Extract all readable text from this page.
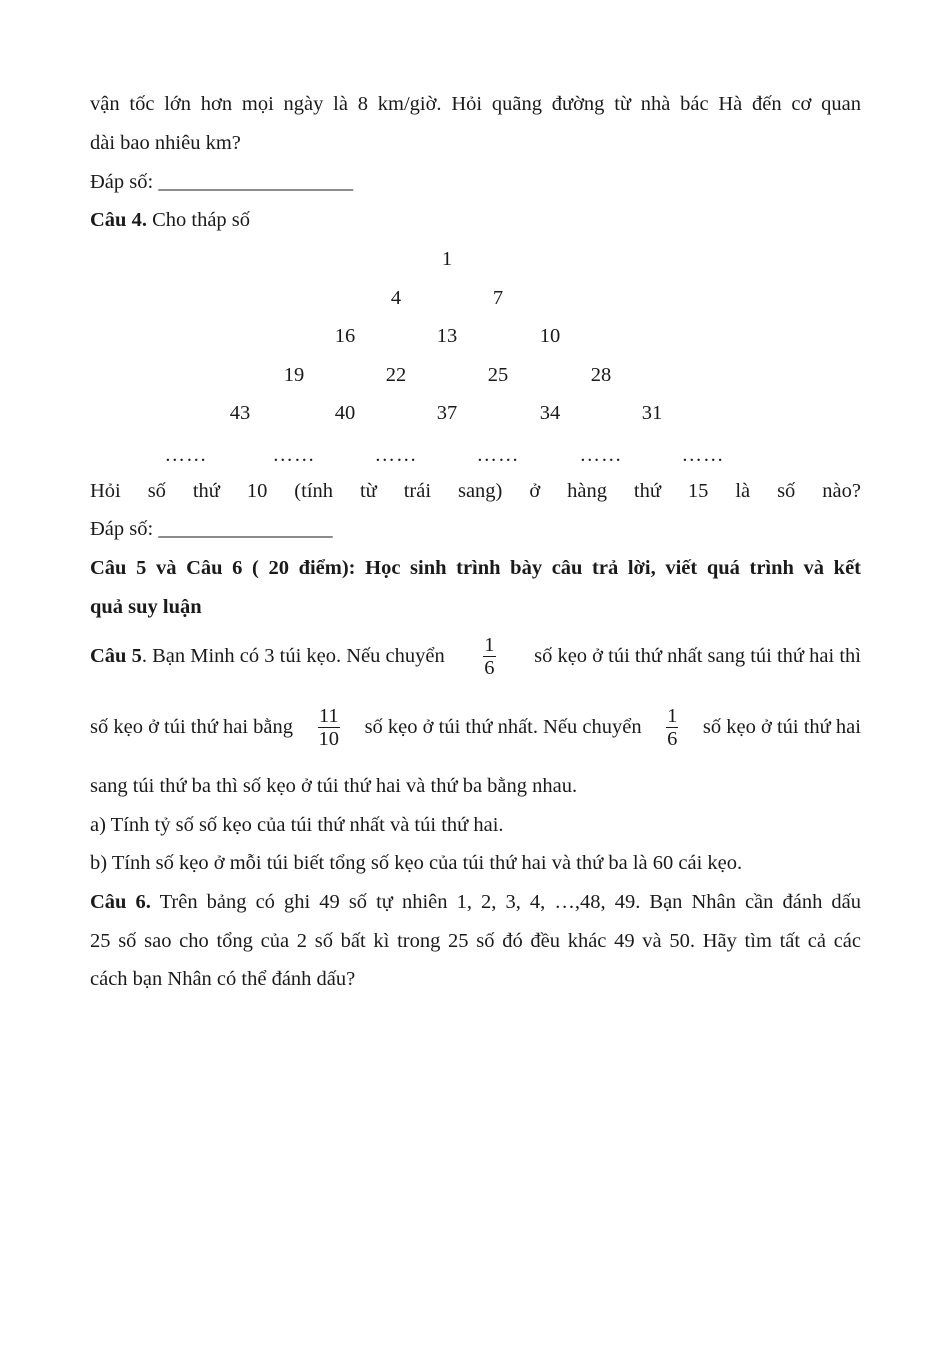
vận tốc lớn hơn mọi ngày là 8 km/giờ. Hỏi quãng đường từ nhà bác Hà đến cơ quan
dài bao nhiêu km?
Đáp số: ___________________
Câu 4. Cho tháp số
1
4	7
16	13	10
19	22	25	28
43	40	37	34	31
……	……	……	……	……	……
Hỏi số thứ 10 (tính từ trái sang) ở hàng thứ 15 là số nào?
Đáp số: _________________
Câu 5 và Câu 6 ( 20 điểm): Học sinh trình bày câu trả lời, viết quá trình và kết
quả suy luận
Câu 5. Bạn Minh có 3 túi kẹo. Nếu chuyển $\frac{1}{6}$ số kẹo ở túi thứ nhất sang túi thứ hai thì
số kẹo ở túi thứ hai bằng $\frac{11}{10}$ số kẹo ở túi thứ nhất. Nếu chuyển $\frac{1}{6}$ số kẹo ở túi thứ hai
sang túi thứ ba thì số kẹo ở túi thứ hai và thứ ba bằng nhau.
a) Tính tỷ số số kẹo của túi thứ nhất và túi thứ hai.
b) Tính số kẹo ở mỗi túi biết tổng số kẹo của túi thứ hai và thứ ba là 60 cái kẹo.
Câu 6. Trên bảng có ghi 49 số tự nhiên 1, 2, 3, 4, …,48, 49. Bạn Nhân cần đánh dấu
25 số sao cho tổng của 2 số bất kì trong 25 số đó đều khác 49 và 50. Hãy tìm tất cả các
cách bạn Nhân có thể đánh dấu?
